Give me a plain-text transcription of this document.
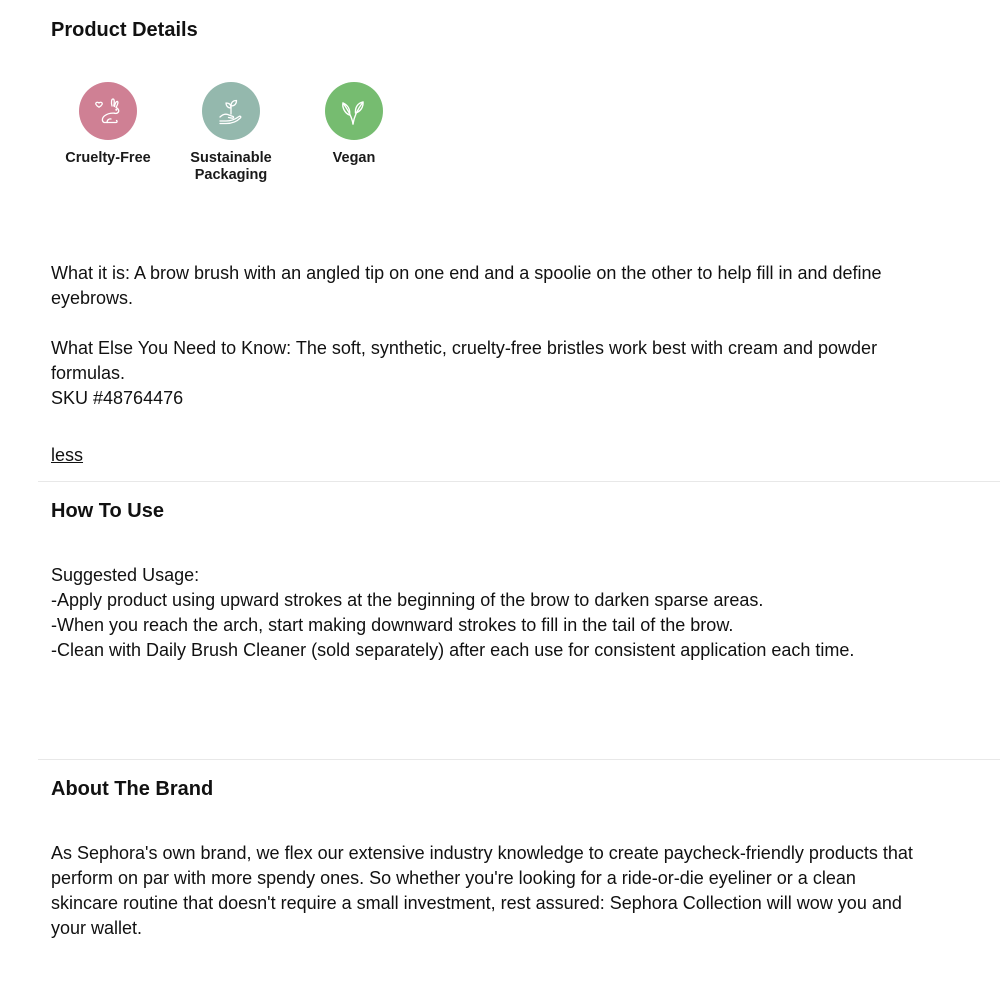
Product Details
Cruelty-Free	Sustainable
Packaging
Vegan

What it is: A brow brush with an angled tip on one end and a spoolie on the other to help fill in and define eyebrows.

What Else You Need to Know: The soft, synthetic, cruelty-free bristles work best with cream and powder formulas.

SKU #48764476

less
How To Use
Suggested Usage:
-Apply product using upward strokes at the beginning of the brow to darken sparse areas.
-When you reach the arch, start making downward strokes to fill in the tail of the brow.
-Clean with Daily Brush Cleaner (sold separately) after each use for consistent application each time.
About The Brand

As Sephora's own brand, we flex our extensive industry knowledge to create paycheck-friendly products that perform on par with more spendy ones. So whether you're looking for a ride-or-die eyeliner or a clean skincare routine that doesn't require a small investment, rest assured: Sephora Collection will wow you and your wallet.
